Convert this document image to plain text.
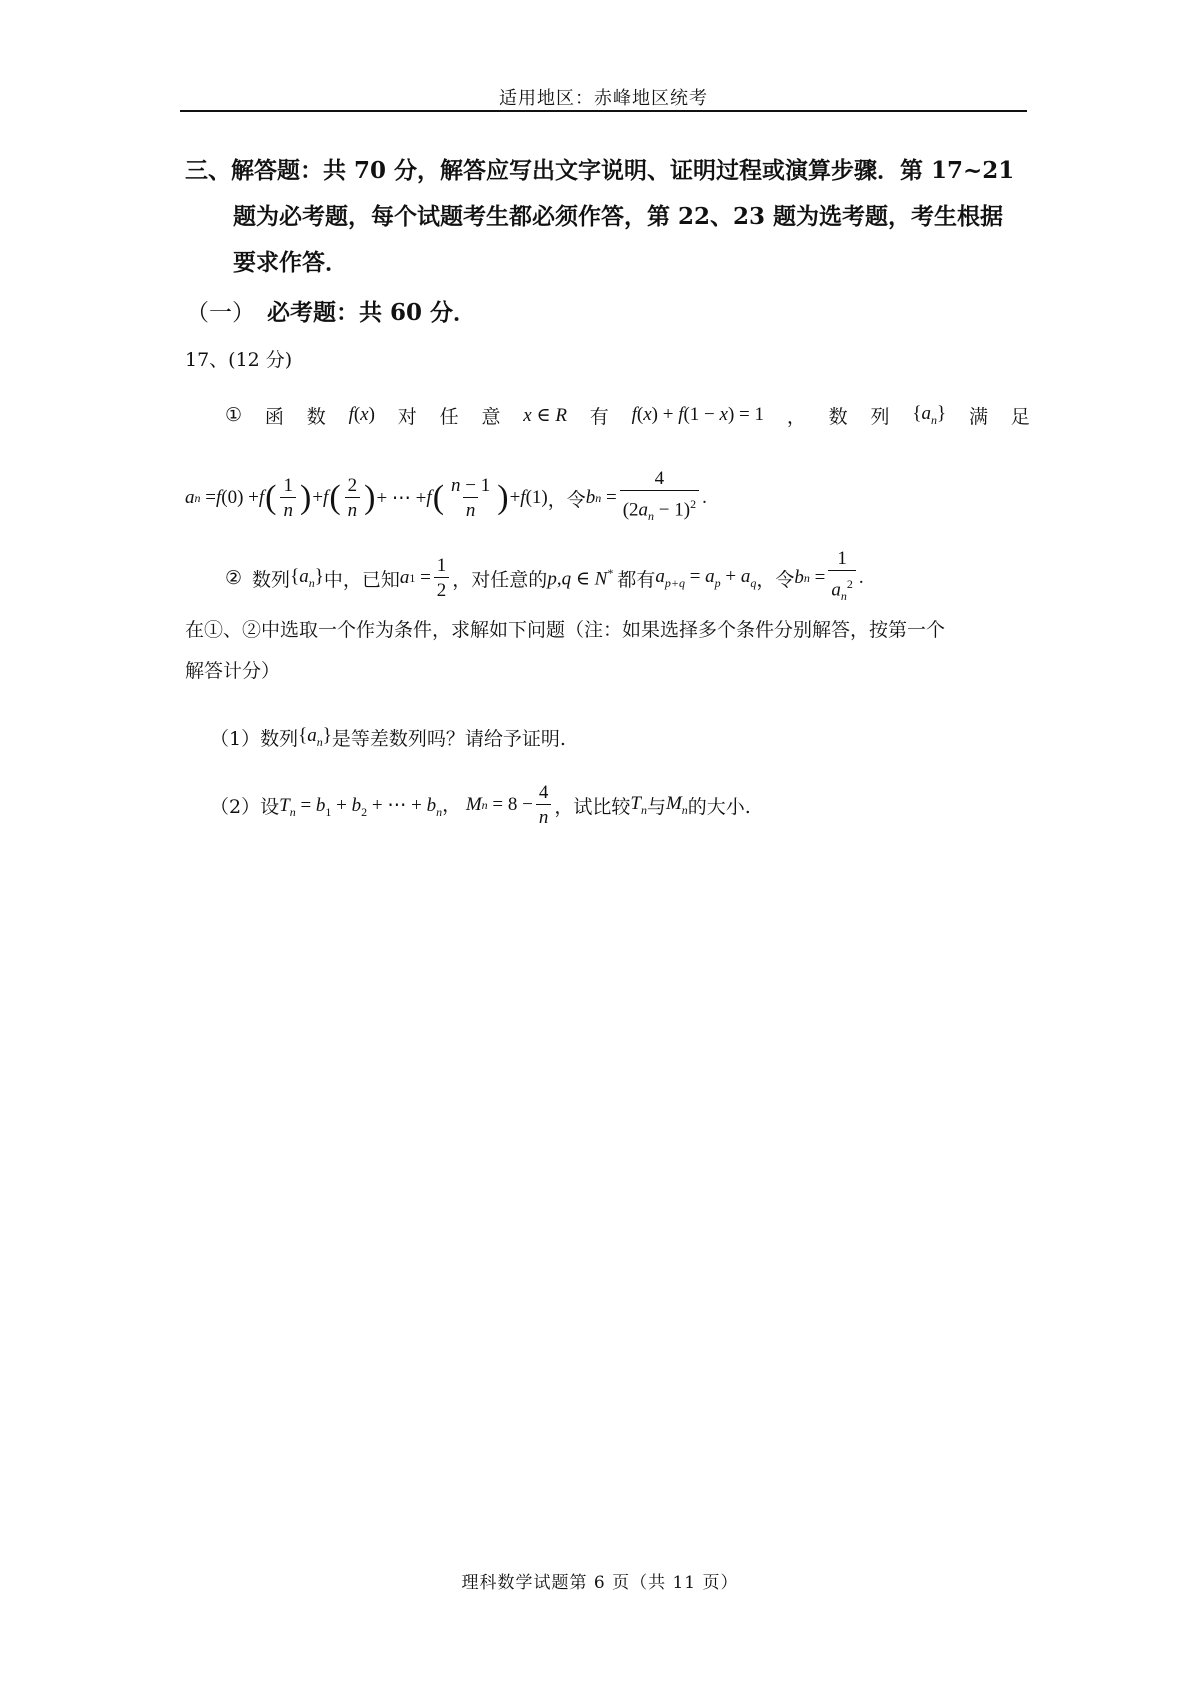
适用地区：赤峰地区统考
三、解答题：共 70 分，解答应写出文字说明、证明过程或演算步骤．第 17~21
题为必考题，每个试题考生都必须作答，第 22、23 题为选考题，考生根据
要求作答．
（一） 必考题：共 60 分．
17、(12 分)
① 函 数 f(x) 对 任 意 x ∈ R 有 f(x) + f(1 − x) = 1 ， 数 列 $\{a_n\}$ 满 足
a n = f (0) + f ( $\frac{1}{n}$ ) + f ( $\frac{2}{n}$ ) + ⋯ + f ( $\frac{n - 1}{n}$ ) + f (1) ，令 b $n = \frac{4}{(2a_n - 1)^2}$ .
② 数列 $\{a_n\}$ 中，已知 a $1 = \frac{1}{2}$ ，对任意的 p,q ∈ N* 都有 $a_{p+q} = a_p + a_q$ ，令 b $n = \frac{1}{a_n^2}$ .
在①、②中选取一个作为条件，求解如下问题（注：如果选择多个条件分别解答，按第一个
解答计分）
（1） 数列 $\{a_n\}$ 是等差数列吗？请给予证明.
（2） 设 $T_n = b_1 + b_2$ + ⋯ + $b_n$， M $n = 8 - \frac{4}{n}$ ， 试比较 $T_n$ 与 $M_n$ 的大小.
理科数学试题第 6 页（共 11 页）
